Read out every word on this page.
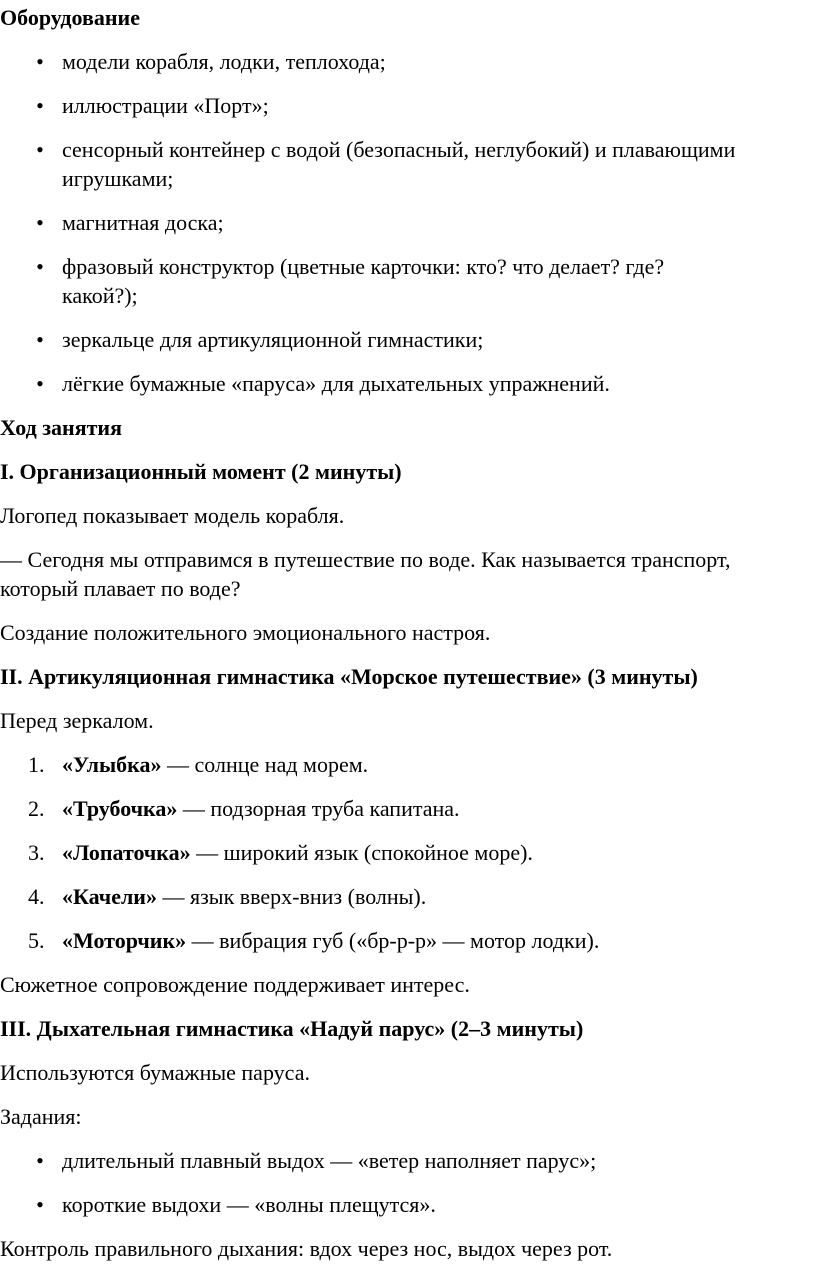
Оборудование

• модели корабля, лодки, теплохода;
• иллюстрации «Порт»;
• сенсорный контейнер с водой (безопасный, неглубокий) и плавающими
игрушками;
• магнитная доска;
• фразовый конструктор (цветные карточки: кто? что делает? где?
какой?);
• зеркальце для артикуляционной гимнастики;
• лёгкие бумажные «паруса» для дыхательных упражнений.

Ход занятия

I. Организационный момент (2 минуты)

Логопед показывает модель корабля.

— Сегодня мы отправимся в путешествие по воде. Как называется транспорт,
который плавает по воде?

Создание положительного эмоционального настроя.

II. Артикуляционная гимнастика «Морское путешествие» (3 минуты)

Перед зеркалом.

1. «Улыбка» — солнце над морем.
2. «Трубочка» — подзорная труба капитана.
3. «Лопаточка» — широкий язык (спокойное море).
4. «Качели» — язык вверх-вниз (волны).
5. «Моторчик» — вибрация губ («бр-р-р» — мотор лодки).

Сюжетное сопровождение поддерживает интерес.

III. Дыхательная гимнастика «Надуй парус» (2–3 минуты)

Используются бумажные паруса.

Задания:

• длительный плавный выдох — «ветер наполняет парус»;
• короткие выдохи — «волны плещутся».

Контроль правильного дыхания: вдох через нос, выдох через рот.
